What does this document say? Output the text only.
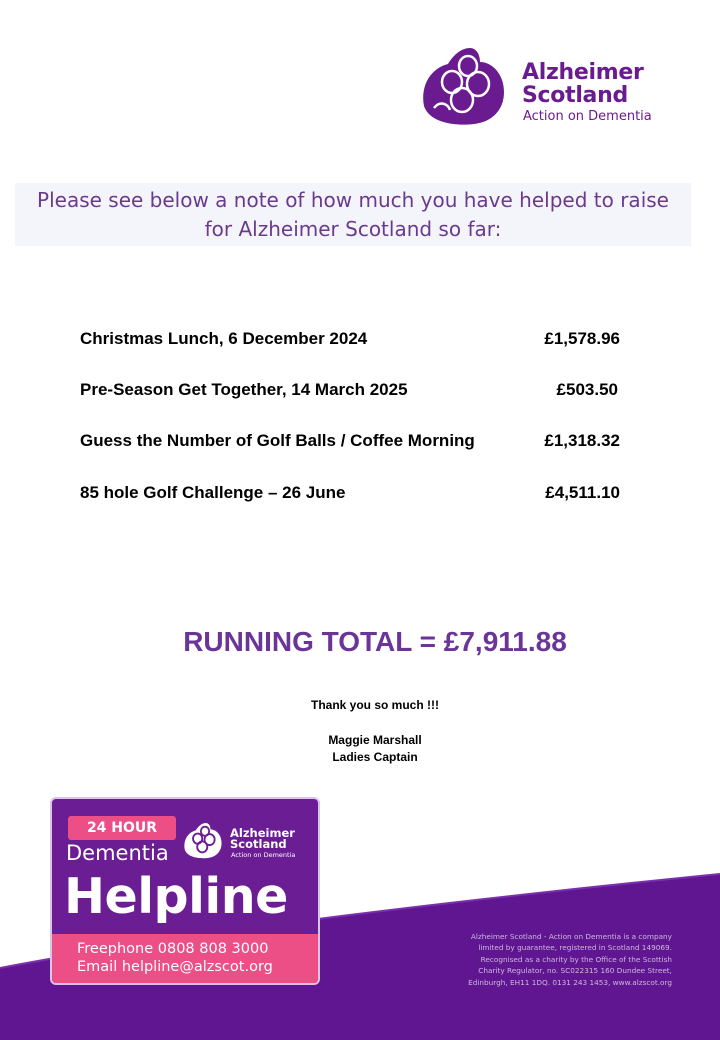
Alzheimer
Scotland
Action on Dementia
Please see below a note of how much you have helped to raise
for Alzheimer Scotland so far:
Christmas Lunch, 6 December 2024	£1,578.96
Pre-Season Get Together, 14 March 2025	£503.50
Guess the Number of Golf Balls / Coffee Morning	£1,318.32
85 hole Golf Challenge – 26 June	£4,511.10
RUNNING TOTAL = £7,911.88
Thank you so much !!!
Maggie Marshall
Ladies Captain
Alzheimer Scotland - Action on Dementia is a company
limited by guarantee, registered in Scotland 149069.
Recognised as a charity by the Office of the Scottish
Charity Regulator, no. SC022315 160 Dundee Street,
Edinburgh, EH11 1DQ. 0131 243 1453, www.alzscot.org
24 HOUR
Dementia
Alzheimer
Scotland
Action on Dementia
Helpline
Freephone 0808 808 3000
Email helpline@alzscot.org
